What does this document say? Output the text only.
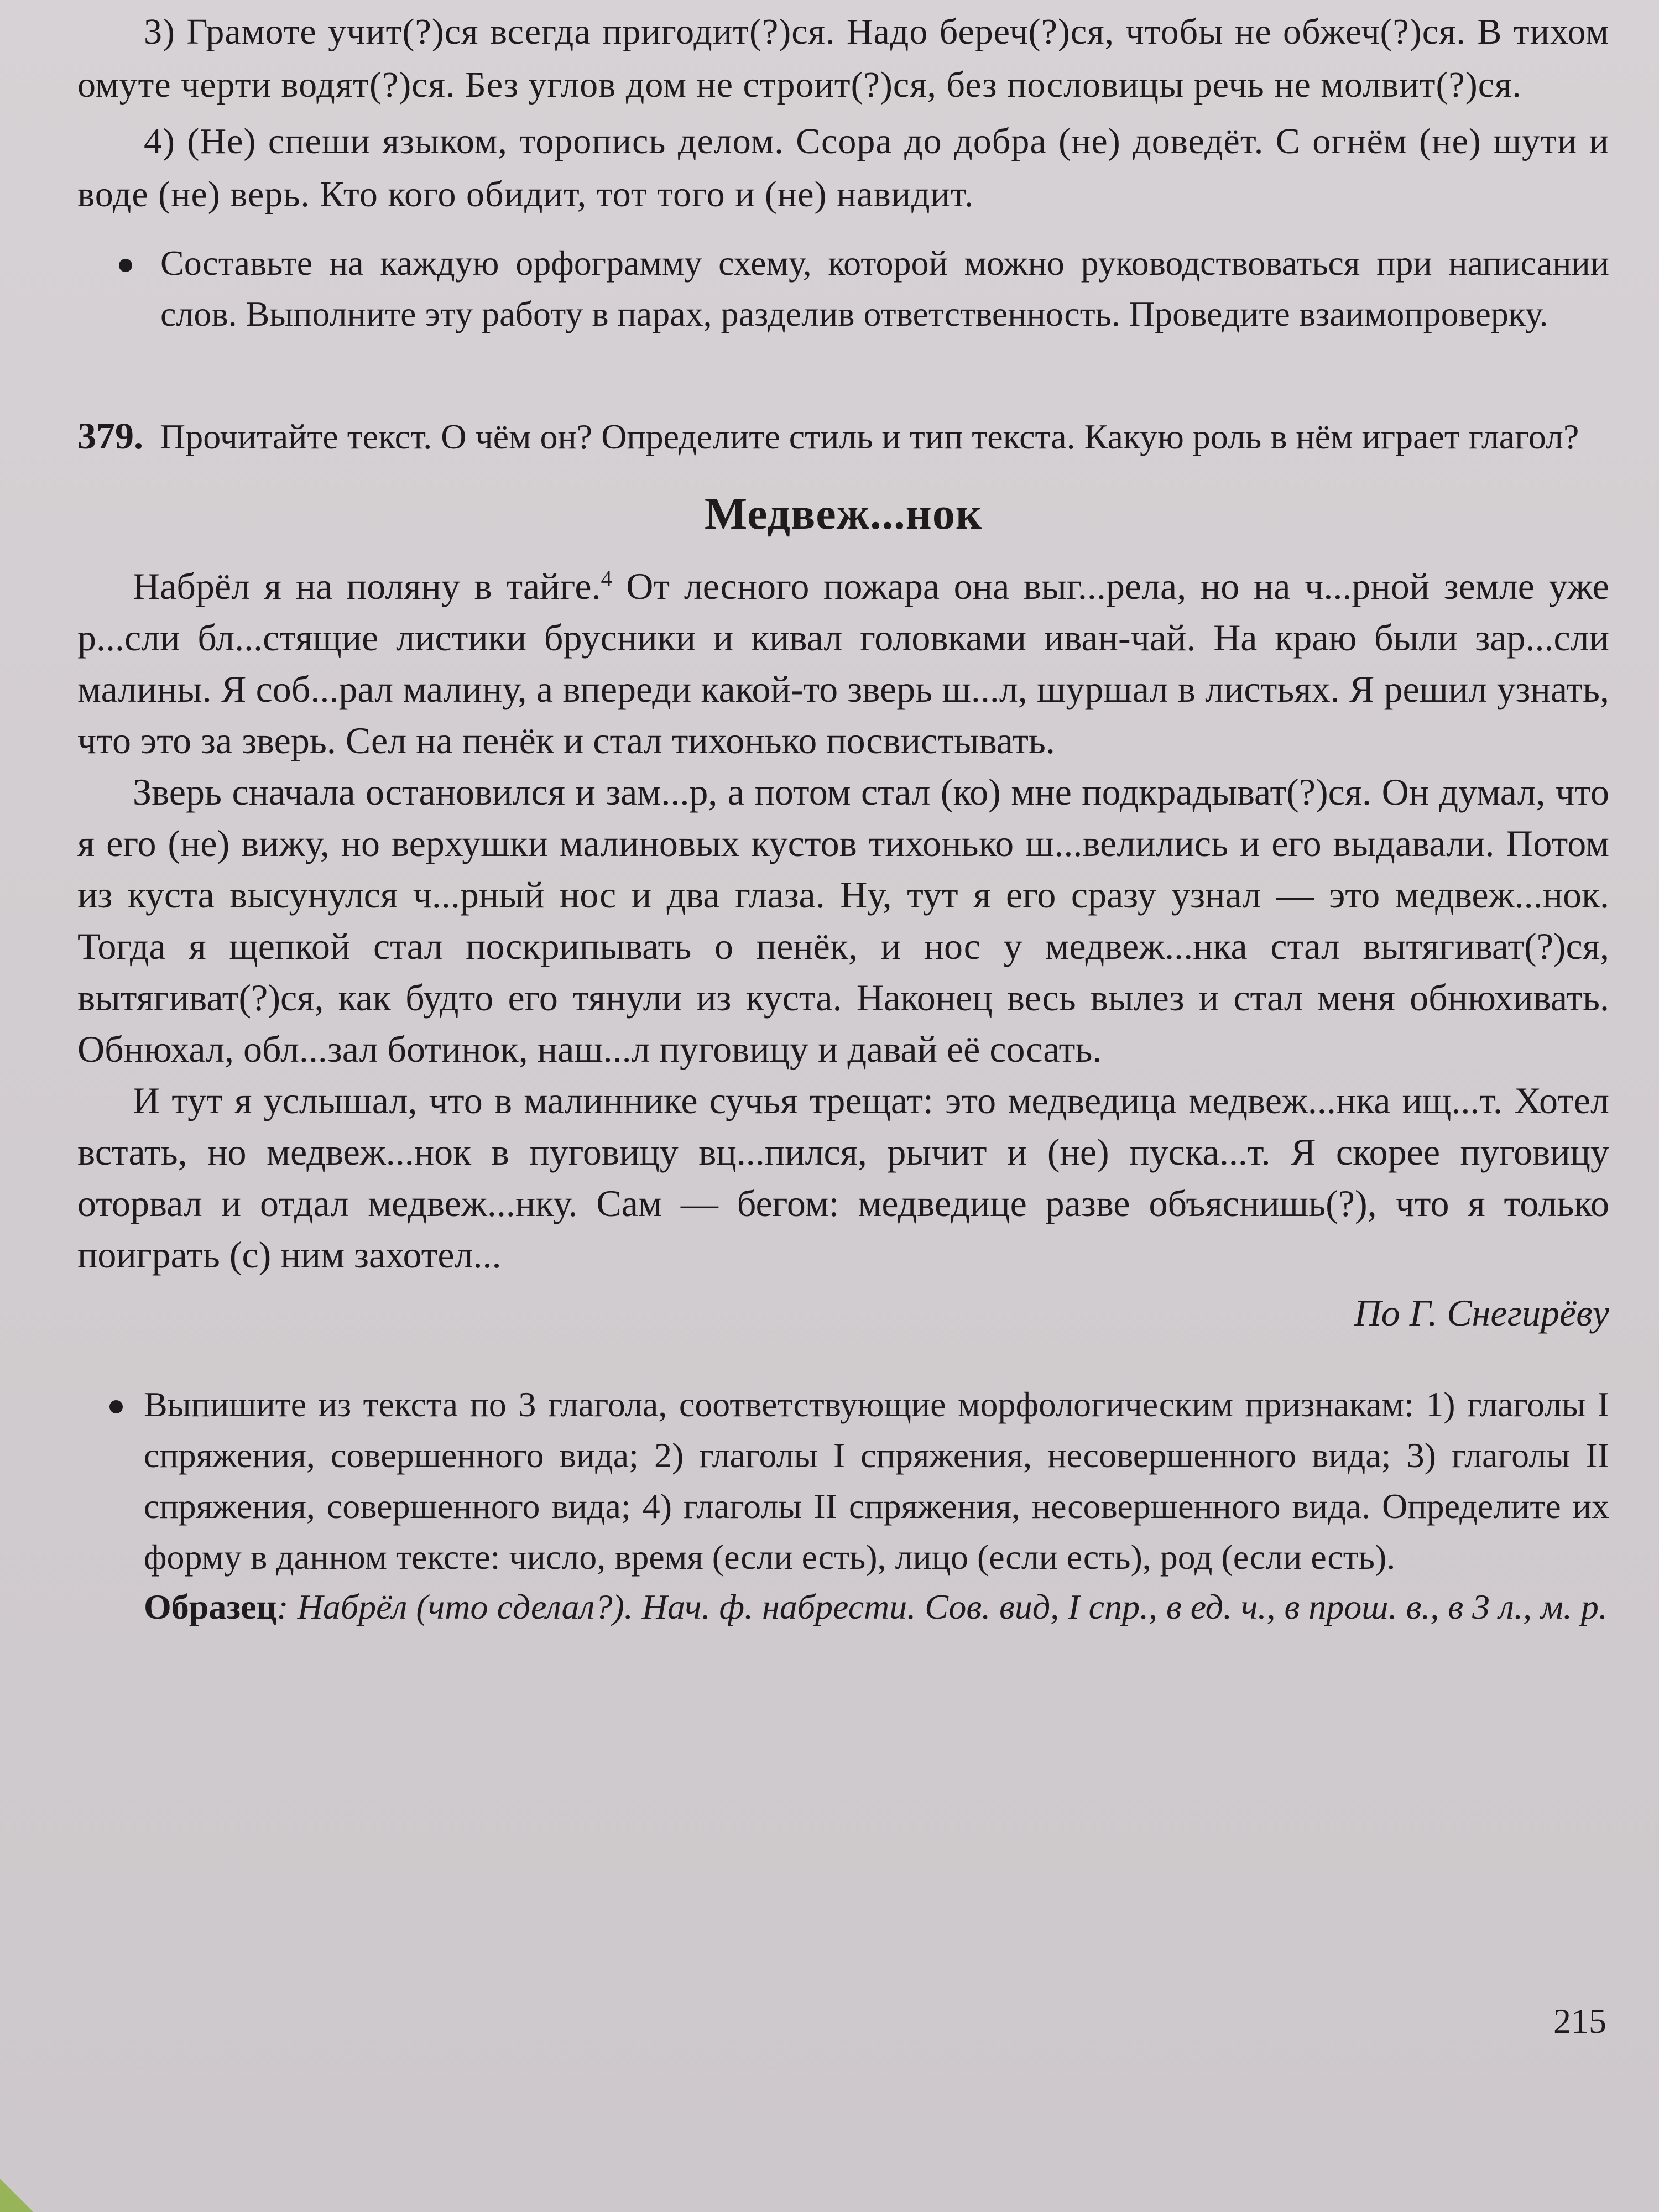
3) Грамоте учит(?)ся всегда пригодит(?)ся. Надо береч(?)ся, чтобы не обжеч(?)ся. В тихом омуте черти водят(?)ся. Без углов дом не строит(?)ся, без пословицы речь не молвит(?)ся.

4) (Не) спеши языком, торопись делом. Ссора до добра (не) доведёт. С огнём (не) шути и воде (не) верь. Кто кого обидит, тот того и (не) навидит.

Составьте на каждую орфограмму схему, которой можно руководствоваться при написании слов. Выполните эту работу в парах, разделив ответственность. Проведите взаимопроверку.

379. Прочитайте текст. О чём он? Определите стиль и тип текста. Какую роль в нём играет глагол?

Медвеж...нок

Набрёл я на поляну в тайге.$^4$ От лесного пожара она выг...рела, но на ч...рной земле уже р...сли бл...стящие листики брусники и кивал головками иван-чай. На краю были зар...сли малины. Я соб...рал малину, а впереди какой-то зверь ш...л, шуршал в листьях. Я решил узнать, что это за зверь. Сел на пенёк и стал тихонько посвистывать.

Зверь сначала остановился и зам...р, а потом стал (ко) мне подкрадыват(?)ся. Он думал, что я его (не) вижу, но верхушки малиновых кустов тихонько ш...велились и его выдавали. Потом из куста высунулся ч...рный нос и два глаза. Ну, тут я его сразу узнал — это медвеж...нок. Тогда я щепкой стал поскрипывать о пенёк, и нос у медвеж...нка стал вытягиват(?)ся, вытягиват(?)ся, как будто его тянули из куста. Наконец весь вылез и стал меня обнюхивать. Обнюхал, обл...зал ботинок, наш...л пуговицу и давай её сосать.

И тут я услышал, что в малиннике сучья трещат: это медведица медвеж...нка ищ...т. Хотел встать, но медвеж...нок в пуговицу вц...пился, рычит и (не) пуска...т. Я скорее пуговицу оторвал и отдал медвеж...нку. Сам — бегом: медведице разве объяснишь(?), что я только поиграть (с) ним захотел...

По Г. Снегирёву
Выпишите из текста по 3 глагола, соответствующие морфологическим признакам: 1) глаголы I спряжения, совершенного вида; 2) глаголы I спряжения, несовершенного вида; 3) глаголы II спряжения, совершенного вида; 4) глаголы II спряжения, несовершенного вида. Определите их форму в данном тексте: число, время (если есть), лицо (если есть), род (если есть).

Образец: Набрёл (что сделал?). Нач. ф. набрести. Сов. вид, I спр., в ед. ч., в прош. в., в 3 л., м. р.

215
